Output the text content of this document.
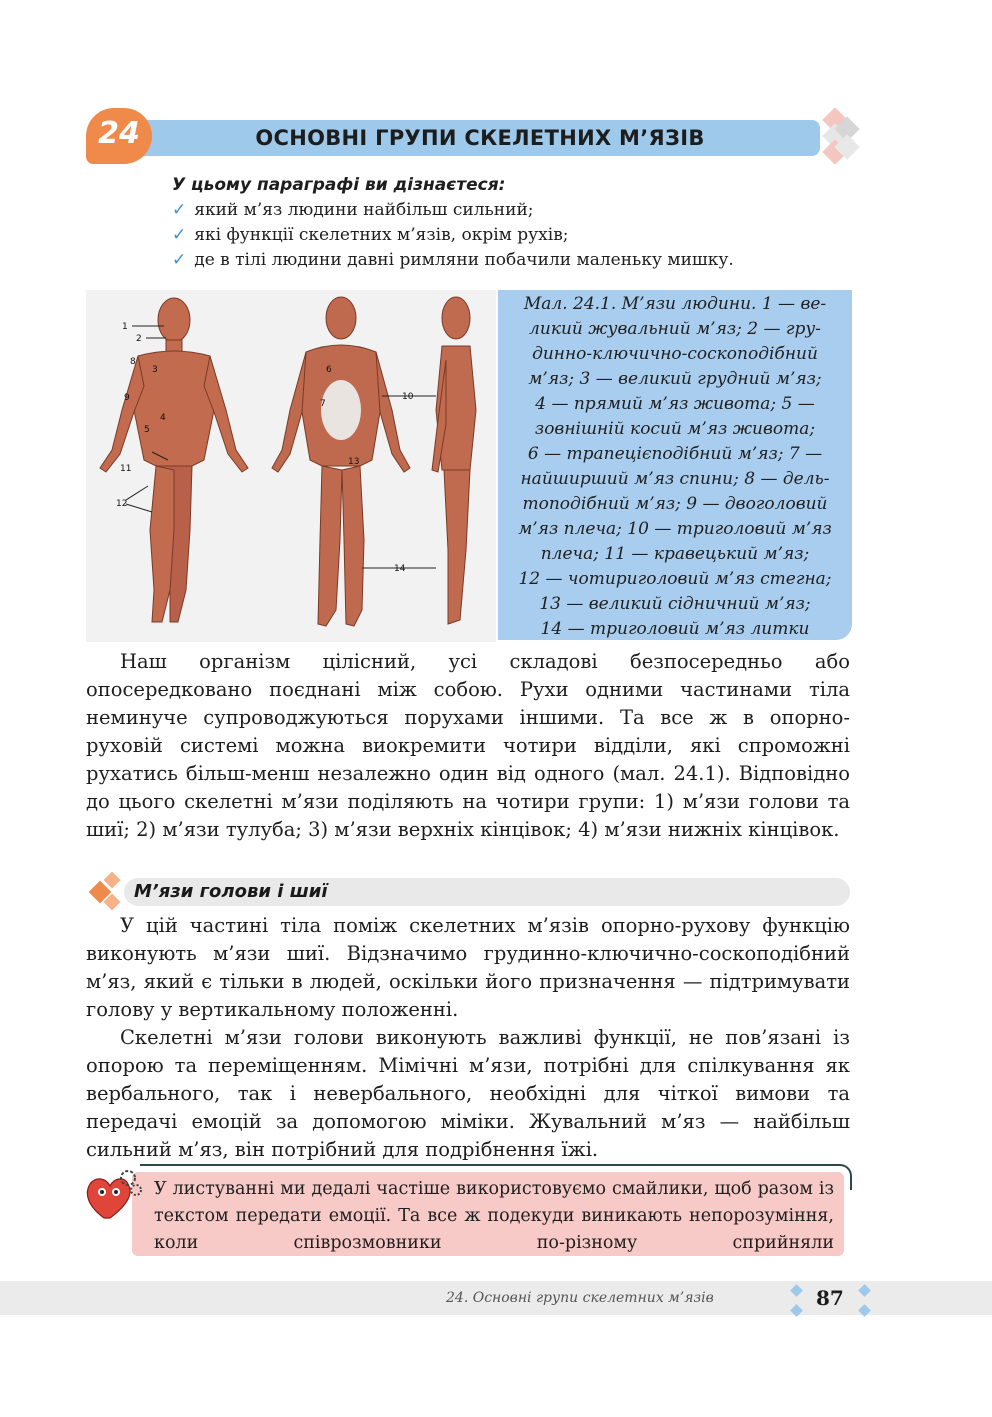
ОСНОВНІ ГРУПИ СКЕЛЕТНИХ М’ЯЗІВ
24
У цьому параграфі ви дізнаєтеся:
✓ який м’яз людини найбільш сильний;
✓ які функції скелетних м’язів, окрім рухів;
✓ де в тілі людини давні римляни побачили маленьку мишку.
1
2
3
4
5
6
7
8
9	10
11
12
13
14
Мал. 24.1. М’язи людини. 1 — ве-
ликий жувальний м’яз; 2 — гру-
динно-ключично-соскоподібний
м’яз; 3 — великий грудний м’яз;
4 — прямий м’яз живота; 5 —
зовнішній косий м’яз живота;
6 — трапецієподібний м’яз; 7 —
найширший м’яз спини; 8 — дель-
топодібний м’яз; 9 — двоголовий
м’яз плеча; 10 — триголовий м’яз
плеча; 11 — кравецький м’яз;
12 — чотириголовий м’яз стегна;
13 — великий сідничний м’яз;
14 — триголовий м’яз литки
Наш організм цілісний, усі складові безпосередньо або опосередковано поєднані між собою. Рухи одними частинами тіла неминуче супроводжуються порухами іншими. Та все ж в опорно-руховій системі можна виокремити чотири відділи, які спроможні рухатись більш-менш незалежно один від одного (мал. 24.1). Відповідно до цього скелетні м’язи поділяють на чотири групи: 1) м’язи голови та шиї; 2) м’язи тулуба; 3) м’язи верхніх кінцівок; 4) м’язи нижніх кінцівок.
М’язи голови і шиї
У цій частині тіла поміж скелетних м’язів опорно-рухову функцію виконують м’язи шиї. Відзначимо грудинно-ключично-соскоподібний м’яз, який є тільки в людей, оскільки його призначення — підтримувати голову у вертикальному положенні.
Скелетні м’язи голови виконують важливі функції, не пов’язані із опорою та переміщенням. Мімічні м’язи, потрібні для спілкування як вербального, так і невербального, необхідні для чіткої вимови та передачі емоцій за допомогою міміки. Жувальний м’яз — найбільш сильний м’яз, він потрібний для подрібнення їжі.
У листуванні ми дедалі частіше використовуємо смайлики, щоб разом із текстом передати емоції. Та все ж подекуди виникають непорозуміння, коли співрозмовники по-різному сприйняли
24. Основні групи скелетних м’язів	87
